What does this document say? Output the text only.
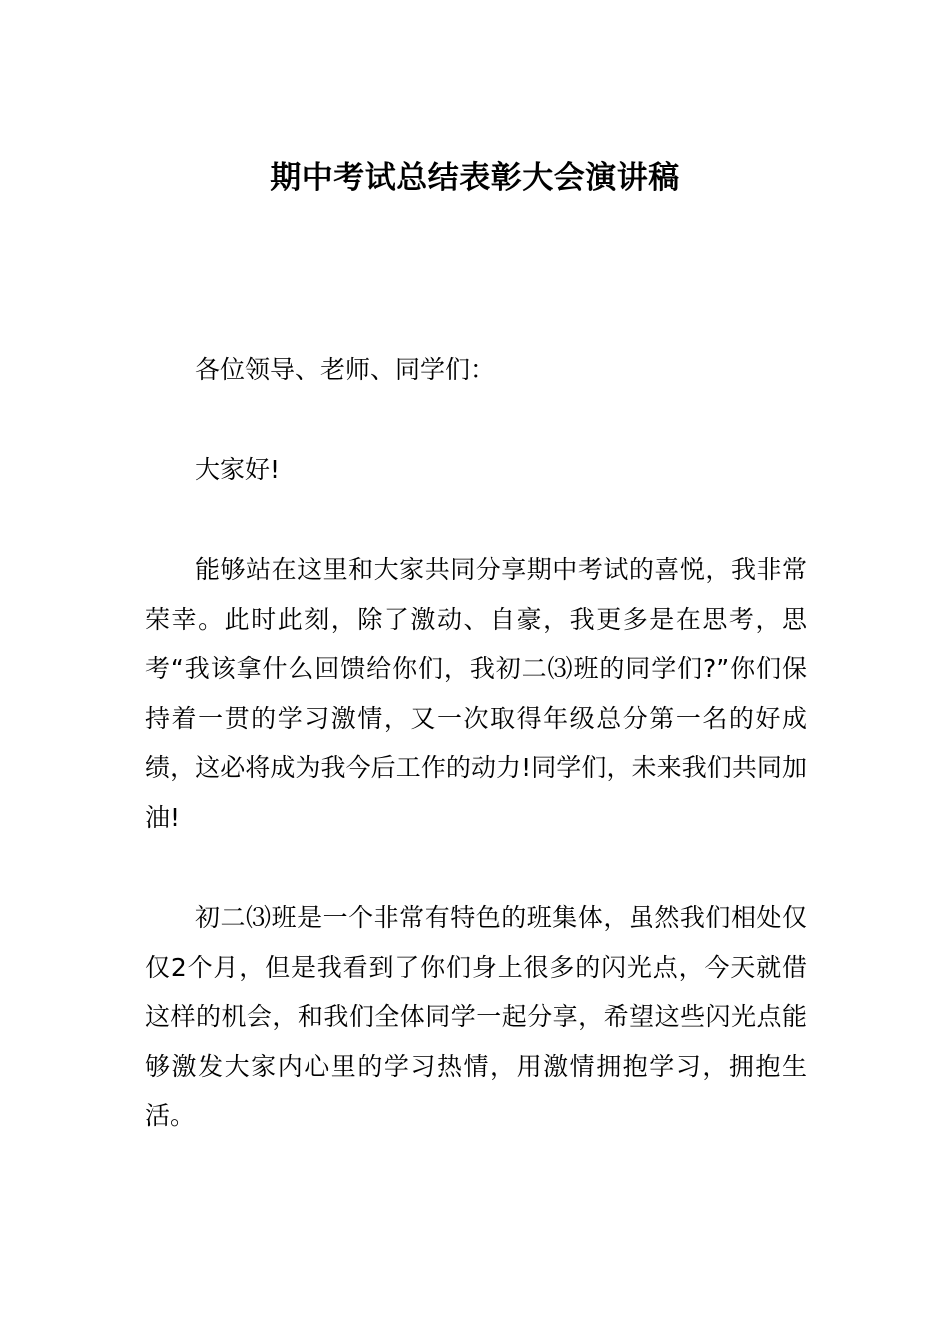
期中考试总结表彰大会演讲稿

各位领导、老师、同学们：

大家好!

能够站在这里和大家共同分享期中考试的喜悦，我非常荣幸。此时此刻，除了激动、自豪，我更多是在思考，思考“我该拿什么回馈给你们，我初二⑶班的同学们?”你们保持着一贯的学习激情，又一次取得年级总分第一名的好成绩，这必将成为我今后工作的动力!同学们，未来我们共同加油!

初二⑶班是一个非常有特色的班集体，虽然我们相处仅仅2个月，但是我看到了你们身上很多的闪光点，今天就借这样的机会，和我们全体同学一起分享，希望这些闪光点能够激发大家内心里的学习热情，用激情拥抱学习，拥抱生活。
